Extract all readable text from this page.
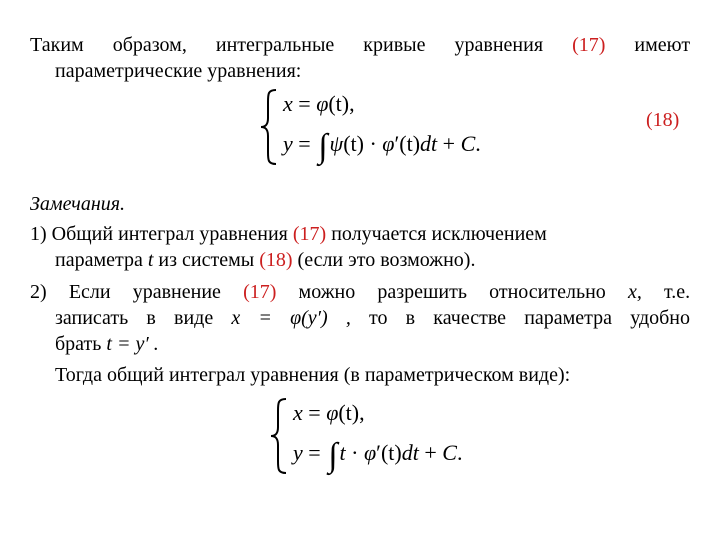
Таким образом, интегральные кривые уравнения (17) имеют
параметрические уравнения:
x = φ(t),
y = ∫ψ(t) · φ′(t)dt + C.
(18)
Замечания.
1) Общий интеграл уравнения (17) получается исключением
параметра t из системы (18) (если это возможно).
2) Если уравнение (17) можно разрешить относительно x, т.е.
записать в виде x = φ(y′) , то в качестве параметра удобно
брать t = y′ .
Тогда общий интеграл уравнения (в параметрическом виде):
x = φ(t),
y = ∫t · φ′(t)dt + C.
